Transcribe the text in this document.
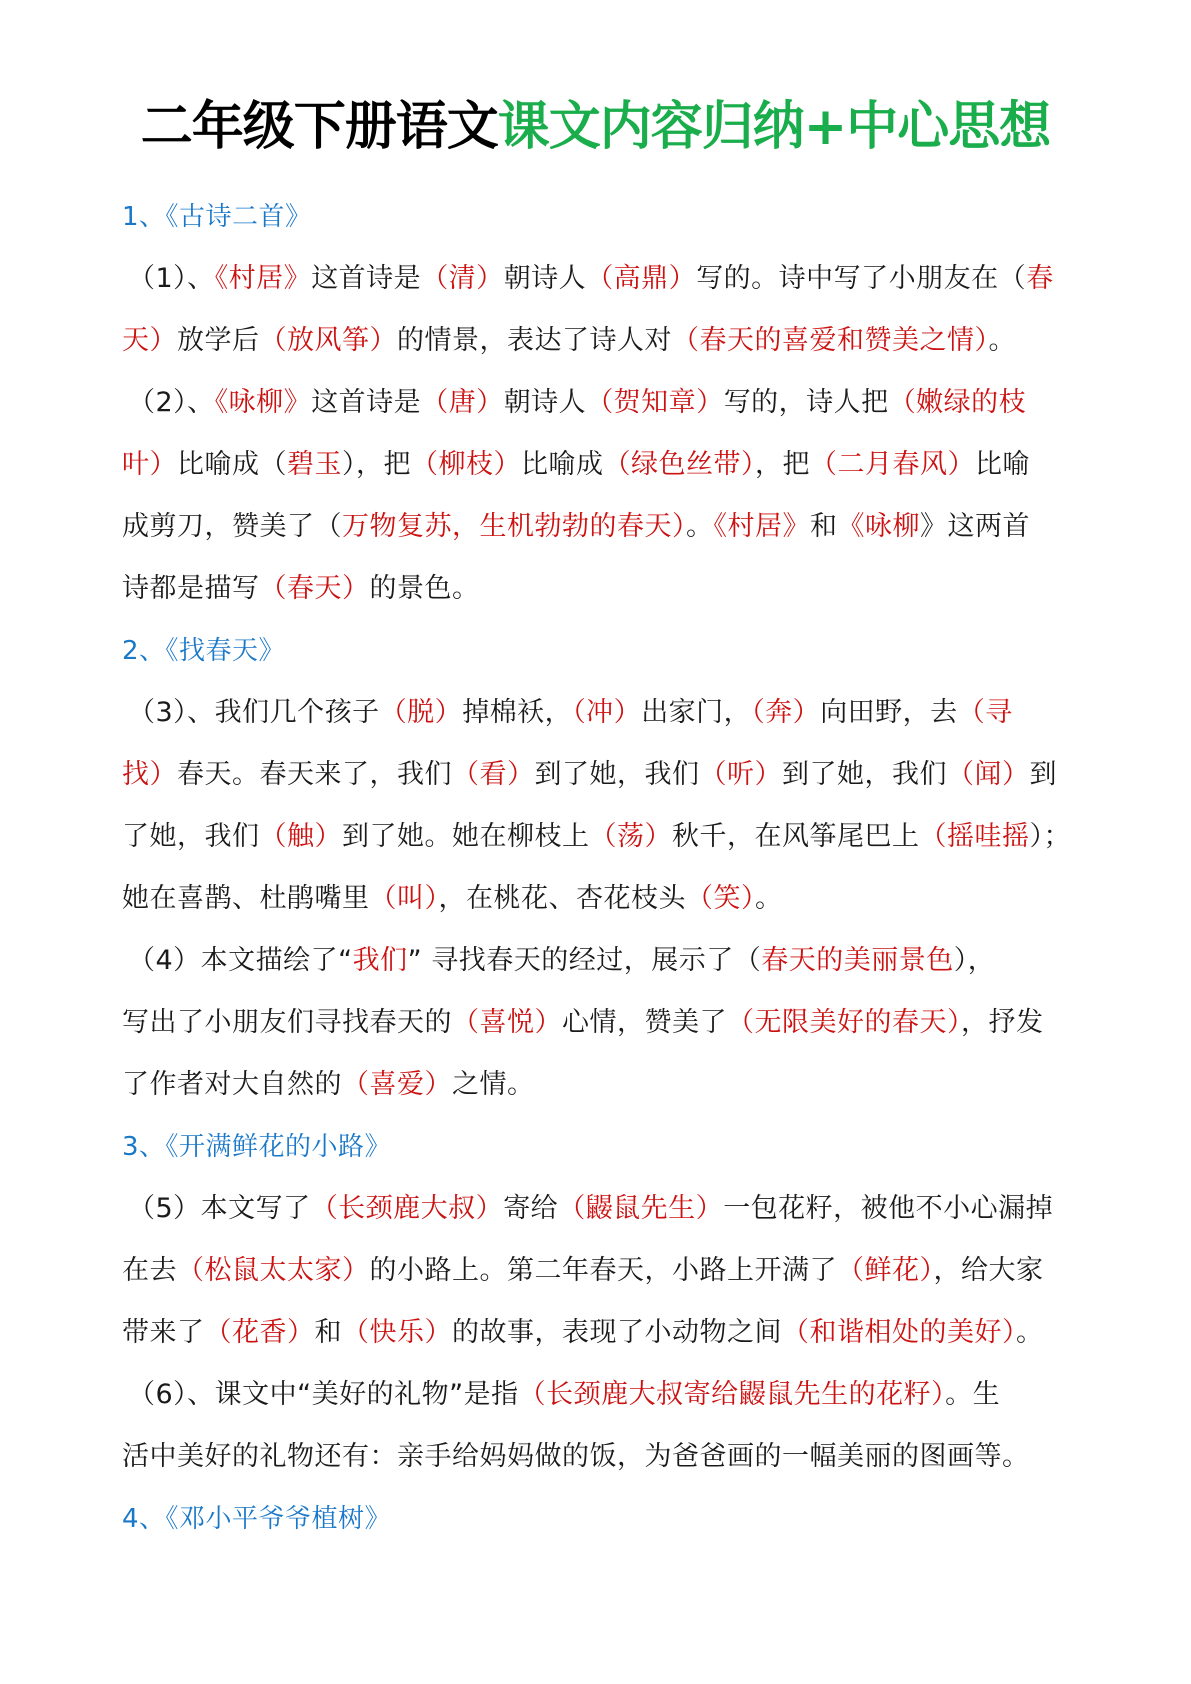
二年级下册语文课文内容归纳+中心思想
1、《古诗二首》
（1）、《村居》这首诗是（清）朝诗人（高鼎）写的。诗中写了小朋友在（春
天）放学后（放风筝）的情景，表达了诗人对（春天的喜爱和赞美之情）。
（2）、《咏柳》这首诗是（唐）朝诗人（贺知章）写的，诗人把（嫩绿的枝
叶）比喻成（碧玉），把（柳枝）比喻成（绿色丝带），把（二月春风）比喻
成剪刀，赞美了（万物复苏，生机勃勃的春天）。《村居》和《咏柳》这两首
诗都是描写（春天）的景色。
2、《找春天》
（3）、我们几个孩子（脱）掉棉袄，（冲）出家门，（奔）向田野，去（寻
找）春天。春天来了，我们（看）到了她，我们（听）到了她，我们（闻）到
了她，我们（触）到了她。她在柳枝上（荡）秋千，在风筝尾巴上（摇哇摇）；
她在喜鹊、杜鹃嘴里（叫），在桃花、杏花枝头（笑）。
（4）本文描绘了“我们” 寻找春天的经过，展示了（春天的美丽景色），
写出了小朋友们寻找春天的（喜悦）心情，赞美了（无限美好的春天），抒发
了作者对大自然的（喜爱）之情。
3、《开满鲜花的小路》
（5）本文写了（长颈鹿大叔）寄给（鼹鼠先生）一包花籽，被他不小心漏掉
在去（松鼠太太家）的小路上。第二年春天，小路上开满了（鲜花），给大家
带来了（花香）和（快乐）的故事，表现了小动物之间（和谐相处的美好）。
（6）、课文中“美好的礼物”是指（长颈鹿大叔寄给鼹鼠先生的花籽）。生
活中美好的礼物还有：亲手给妈妈做的饭，为爸爸画的一幅美丽的图画等。
4、《邓小平爷爷植树》
